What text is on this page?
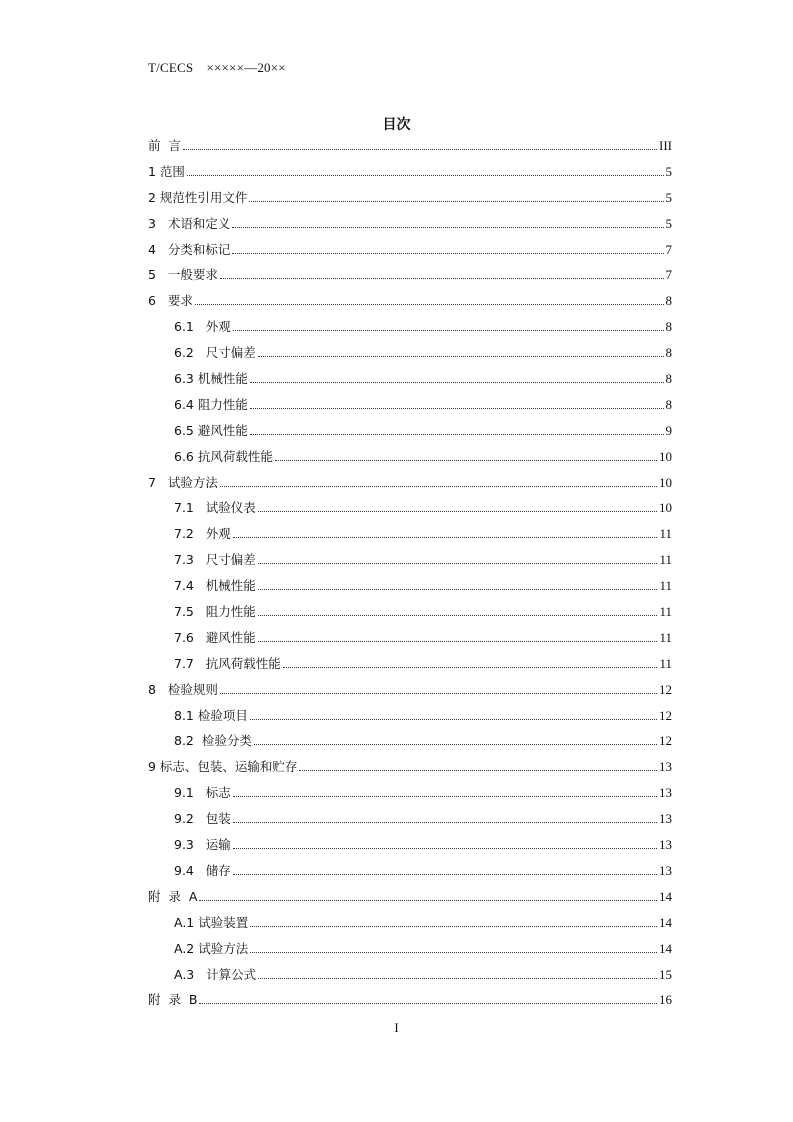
T/CECS　×××××—20××
目次
前  言	III
1 范围	5
2 规范性引用文件	5
3   术语和定义	5
4   分类和标记	7
5   一般要求	7
6   要求	8
6.1   外观	8
6.2   尺寸偏差	8
6.3 机械性能	8
6.4 阻力性能	8
6.5 避风性能	9
6.6 抗风荷载性能	10
7   试验方法	10
7.1   试验仪表	10
7.2   外观	11
7.3   尺寸偏差	11
7.4   机械性能	11
7.5   阻力性能	11
7.6   避风性能	11
7.7   抗风荷载性能	11
8   检验规则	12
8.1 检验项目	12
8.2  检验分类	12
9 标志、包装、运输和贮存	13
9.1   标志	13
9.2   包装	13
9.3   运输	13
9.4   储存	13
附  录  A	14
A.1 试验装置	14
A.2 试验方法	14
A.3   计算公式	15
附  录  B	16
I
